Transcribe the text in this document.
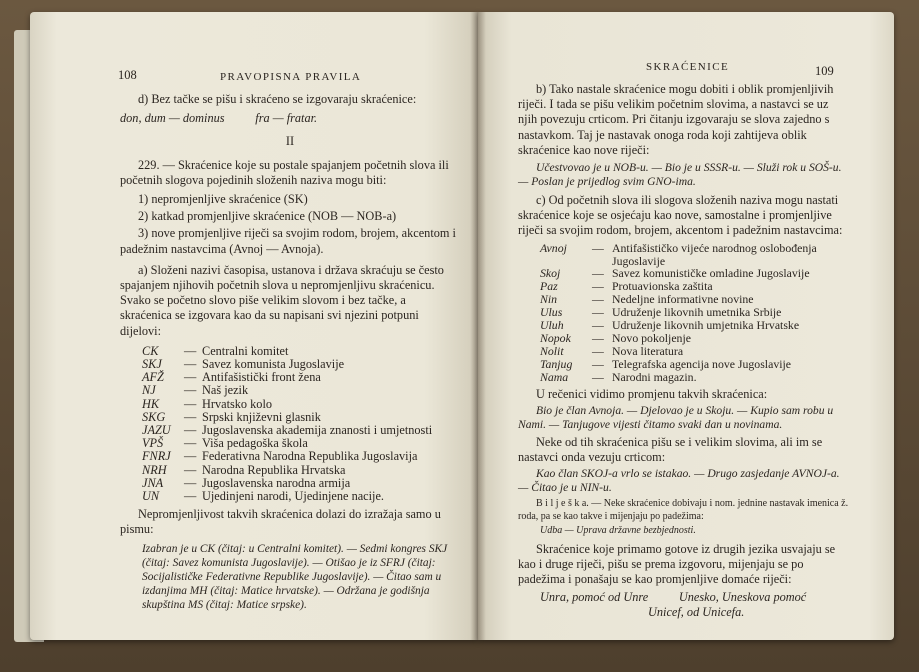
108	PRAVOPISNA PRAVILA

d) Bez tačke se pišu i skraćeno se izgovaraju skraćenice:

don, dum — dominus          fra — fratar.

II

229. — Skraćenice koje su postale spajanjem početnih slova ili početnih slogova pojedinih složenih naziva mogu biti:

1) nepromjenljive skraćenice (SK)

2) katkad promjenljive skraćenice (NOB — NOB-a)

3) nove promjenljive riječi sa svojim rodom, brojem, akcentom i padežnim nastavcima (Avnoj — Avnoja).

a) Složeni nazivi časopisa, ustanova i država skraćuju se često spajanjem njihovih početnih slova u nepromjenljivu skraćenicu. Svako se početno slovo piše velikim slovom i bez tačke, a skraćenica se izgovara kao da su napisani svi njezini potpuni dijelovi:

CK	— Centralni komitet
SKJ	— Savez komunista Jugoslavije
AFŽ	— Antifašistički front žena
NJ	— Naš jezik
HK	— Hrvatsko kolo
SKG	— Srpski književni glasnik
JAZU	— Jugoslavenska akademija znanosti i umjetnosti
VPŠ	— Viša pedagoška škola
FNRJ	— Federativna Narodna Republika Jugoslavija
NRH	— Narodna Republika Hrvatska
JNA	— Jugoslavenska narodna armija
UN	— Ujedinjeni narodi, Ujedinjene nacije.

Nepromjenljivost takvih skraćenica dolazi do izražaja samo u pismu:

Izabran je u CK (čitaj: u Centralni komitet). — Sedmi kongres SKJ (čitaj: Savez komunista Jugoslavije). — Otišao je iz SFRJ (čitaj: Socijalističke Federativne Republike Jugoslavije). — Čitao sam u izdanjima MH (čitaj: Matice hrvatske). — Održana je godišnja skupština MS (čitaj: Matice srpske).

SKRAĆENICE	109

b) Tako nastale skraćenice mogu dobiti i oblik promjenljivih riječi. I tada se pišu velikim početnim slovima, a nastavci se uz njih povezuju crticom. Pri čitanju izgovaraju se slova zajedno s nastavkom. Taj je nastavak onoga roda koji zahtijeva oblik skraćenice kao nove riječi:

Učestvovao je u NOB-u. — Bio je u SSSR-u. — Služi rok u SOŠ-u. — Poslan je prijedlog svim GNO-ima.

c) Od početnih slova ili slogova složenih naziva mogu nastati skraćenice koje se osjećaju kao nove, samostalne i promjenljive riječi sa svojim rodom, brojem, akcentom i padežnim nastavcima:

Avnoj	— Antifašističko vijeće narodnog oslobođenja Jugoslavije
Skoj	— Savez komunističke omladine Jugoslavije
Paz	— Protuavionska zaštita
Nin	— Nedeljne informativne novine
Ulus	— Udruženje likovnih umetnika Srbije
Uluh	— Udruženje likovnih umjetnika Hrvatske
Nopok	— Novo pokoljenje
Nolit	— Nova literatura
Tanjug	— Telegrafska agencija nove Jugoslavije
Nama	— Narodni magazin.

U rečenici vidimo promjenu takvih skraćenica:

Bio je član Avnoja. — Djelovao je u Skoju. — Kupio sam robu u Nami. — Tanjugove vijesti čitamo svaki dan u novinama.

Neke od tih skraćenica pišu se i velikim slovima, ali im se nastavci onda vezuju crticom:

Kao član SKOJ-a vrlo se istakao. — Drugo zasjedanje AVNOJ-a. — Čitao je u NIN-u.

B i l j e š k a. — Neke skraćenice dobivaju i nom. jednine nastavak imenica ž. roda, pa se kao takve i mijenjaju po padežima:

Udba — Uprava državne bezbjednosti.

Skraćenice koje primamo gotove iz drugih jezika usvajaju se kao i druge riječi, pišu se prema izgovoru, mijenjaju se po padežima i ponašaju se kao promjenljive domaće riječi:

Unra, pomoć od Unre          Unesko, Uneskova pomoć

Unicef, od Unicefa.
